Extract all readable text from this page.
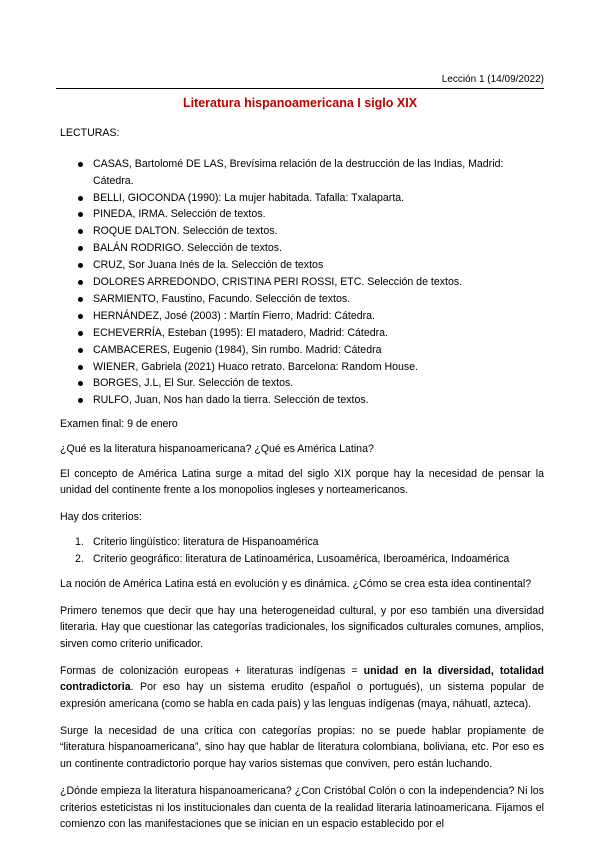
Lección 1 (14/09/2022)
Literatura hispanoamericana I siglo XIX

LECTURAS:

CASAS, Bartolomé DE LAS, Brevísima relación de la destrucción de las Indias, Madrid: Cátedra.
BELLI, GIOCONDA (1990): La mujer habitada. Tafalla: Txalaparta.
PINEDA, IRMA. Selección de textos.
ROQUE DALTON. Selección de textos.
BALÁN RODRIGO. Selección de textos.
CRUZ, Sor Juana Inés de la. Selección de textos
DOLORES ARREDONDO, CRISTINA PERI ROSSI, ETC. Selección de textos.
SARMIENTO, Faustino, Facundo. Selección de textos.
HERNÁNDEZ, José (2003) : Martín Fierro, Madrid: Cátedra.
ECHEVERRÍA, Esteban (1995): El matadero, Madrid: Cátedra.
CAMBACERES, Eugenio (1984), Sin rumbo. Madrid: Cátedra
WIENER, Gabriela (2021) Huaco retrato. Barcelona: Random House.
BORGES, J.L, El Sur. Selección de textos.
RULFO, Juan, Nos han dado la tierra. Selección de textos.

Examen final: 9 de enero

¿Qué es la literatura hispanoamericana? ¿Qué es América Latina?

El concepto de América Latina surge a mitad del siglo XIX porque hay la necesidad de pensar la unidad del continente frente a los monopolios ingleses y norteamericanos.

Hay dos criterios:

1. Criterio lingüístico: literatura de Hispanoamérica
2. Criterio geográfico: literatura de Latinoamérica, Lusoamérica, Iberoamérica, Indoamérica

La noción de América Latina está en evolución y es dinámica. ¿Cómo se crea esta idea continental?

Primero tenemos que decir que hay una heterogeneidad cultural, y por eso también una diversidad literaria. Hay que cuestionar las categorías tradicionales, los significados culturales comunes, amplios, sirven como criterio unificador.

Formas de colonización europeas + literaturas indígenas = unidad en la diversidad, totalidad contradictoria. Por eso hay un sistema erudito (español o portugués), un sistema popular de expresión americana (como se habla en cada país) y las lenguas indígenas (maya, náhuatl, azteca).

Surge la necesidad de una crítica con categorías propias: no se puede hablar propiamente de “literatura hispanoamericana”, sino hay que hablar de literatura colombiana, boliviana, etc. Por eso es un continente contradictorio porque hay varios sistemas que conviven, pero están luchando.

¿Dónde empieza la literatura hispanoamericana? ¿Con Cristóbal Colón o con la independencia? Ni los criterios esteticistas ni los institucionales dan cuenta de la realidad literaria latinoamericana. Fijamos el comienzo con las manifestaciones que se inician en un espacio establecido por el
